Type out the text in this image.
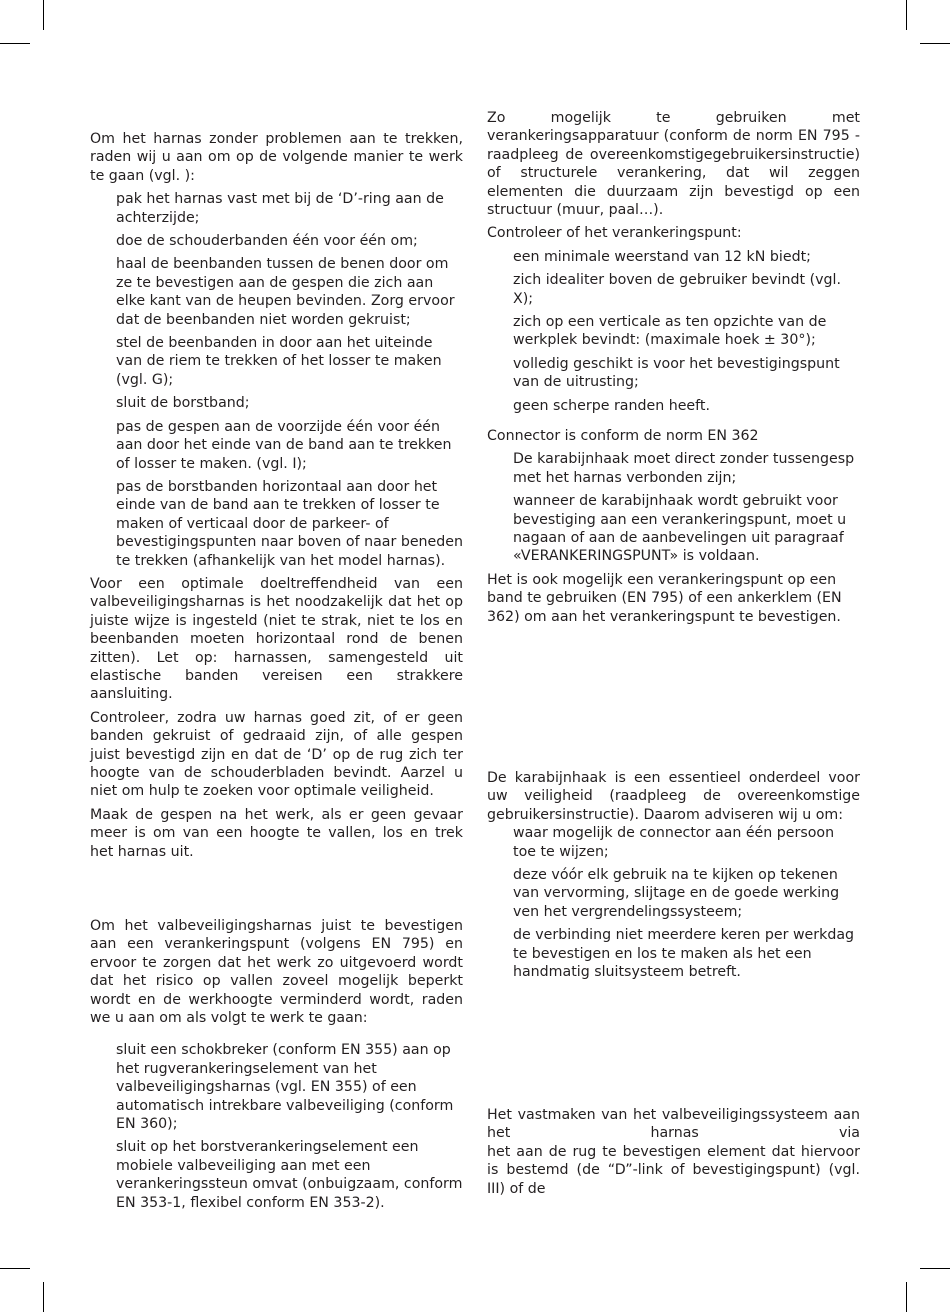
Om het harnas zonder problemen aan te trekken, raden wij u aan om op de volgende manier te werk te gaan (vgl. ):

pak het harnas vast met bij de ‘D’-ring aan de achterzijde;

doe de schouderbanden één voor één om;

haal de beenbanden tussen de benen door om ze te bevestigen aan de gespen die zich aan elke kant van de heupen bevinden. Zorg ervoor dat de beenbanden niet worden gekruist;

stel de beenbanden in door aan het uiteinde van de riem te trekken of het losser te maken (vgl. G);

sluit de borstband;

pas de gespen aan de voorzijde één voor één aan door het einde van de band aan te trekken of losser te maken. (vgl. I);

pas de borstbanden horizontaal aan door het einde van de band aan te trekken of losser te maken of verticaal door de parkeer- of bevestigingspunten naar boven of naar beneden te trekken (afhankelijk van het model harnas).

Voor een optimale doeltreffendheid van een valbeveiligingsharnas is het noodzakelijk dat het op juiste wijze is ingesteld (niet te strak, niet te los en beenbanden moeten horizontaal rond de benen zitten). Let op: harnassen, samengesteld uit elastische banden vereisen een strakkere aansluiting.

Controleer, zodra uw harnas goed zit, of er geen banden gekruist of gedraaid zijn, of alle gespen juist bevestigd zijn en dat de ‘D’ op de rug zich ter hoogte van de schouderbladen bevindt. Aarzel u niet om hulp te zoeken voor optimale veiligheid.

Maak de gespen na het werk, als er geen gevaar meer is om van een hoogte te vallen, los en trek het harnas uit.

Om het valbeveiligingsharnas juist te bevestigen aan een verankeringspunt (volgens EN 795) en ervoor te zorgen dat het werk zo uitgevoerd wordt dat het risico op vallen zoveel mogelijk beperkt wordt en de werkhoogte verminderd wordt, raden we u aan om als volgt te werk te gaan:

sluit een schokbreker (conform EN 355) aan op het rugverankeringselement van het valbeveiligingsharnas (vgl. EN 355) of een automatisch intrekbare valbeveiliging (conform EN 360);

sluit op het borstverankeringselement een mobiele valbeveiliging aan met een verankeringssteun omvat (onbuigzaam, conform EN 353-1, flexibel conform EN 353-2).

Zo mogelijk te gebruiken met verankeringsapparatuur (conform de norm EN 795 - raadpleeg de overeenkomstigegebruikersinstructie) of structurele verankering, dat wil zeggen elementen die duurzaam zijn bevestigd op een structuur (muur, paal…).

Controleer of het verankeringspunt:

een minimale weerstand van 12 kN biedt;

zich idealiter boven de gebruiker bevindt (vgl. X);

zich op een verticale as ten opzichte van de werkplek bevindt: (maximale hoek ± 30°);

volledig geschikt is voor het bevestigingspunt van de uitrusting;

geen scherpe randen heeft.

Connector is conform de norm EN 362

De karabijnhaak moet direct zonder tussengesp met het harnas verbonden zijn;

wanneer de karabijnhaak wordt gebruikt voor bevestiging aan een verankeringspunt, moet u nagaan of aan de aanbevelingen uit paragraaf «VERANKERINGSPUNT» is voldaan.

Het is ook mogelijk een verankeringspunt op een band te gebruiken (EN 795) of een ankerklem (EN 362) om aan het verankeringspunt te bevestigen.

De karabijnhaak is een essentieel onderdeel voor uw veiligheid (raadpleeg de overeenkomstige gebruikersinstructie). Daarom adviseren wij u om:

waar mogelijk de connector aan één persoon toe te wijzen;

deze vóór elk gebruik na te kijken op tekenen van vervorming, slijtage en de goede werking ven het vergrendelingssysteem;

de verbinding niet meerdere keren per werkdag te bevestigen en los te maken als het een handmatig sluitsysteem betreft.

Het vastmaken van het valbeveiligingssysteem aan het harnas via

het aan de rug te bevestigen element dat hiervoor is bestemd (de “D”-link of bevestigingspunt) (vgl. III) of de
